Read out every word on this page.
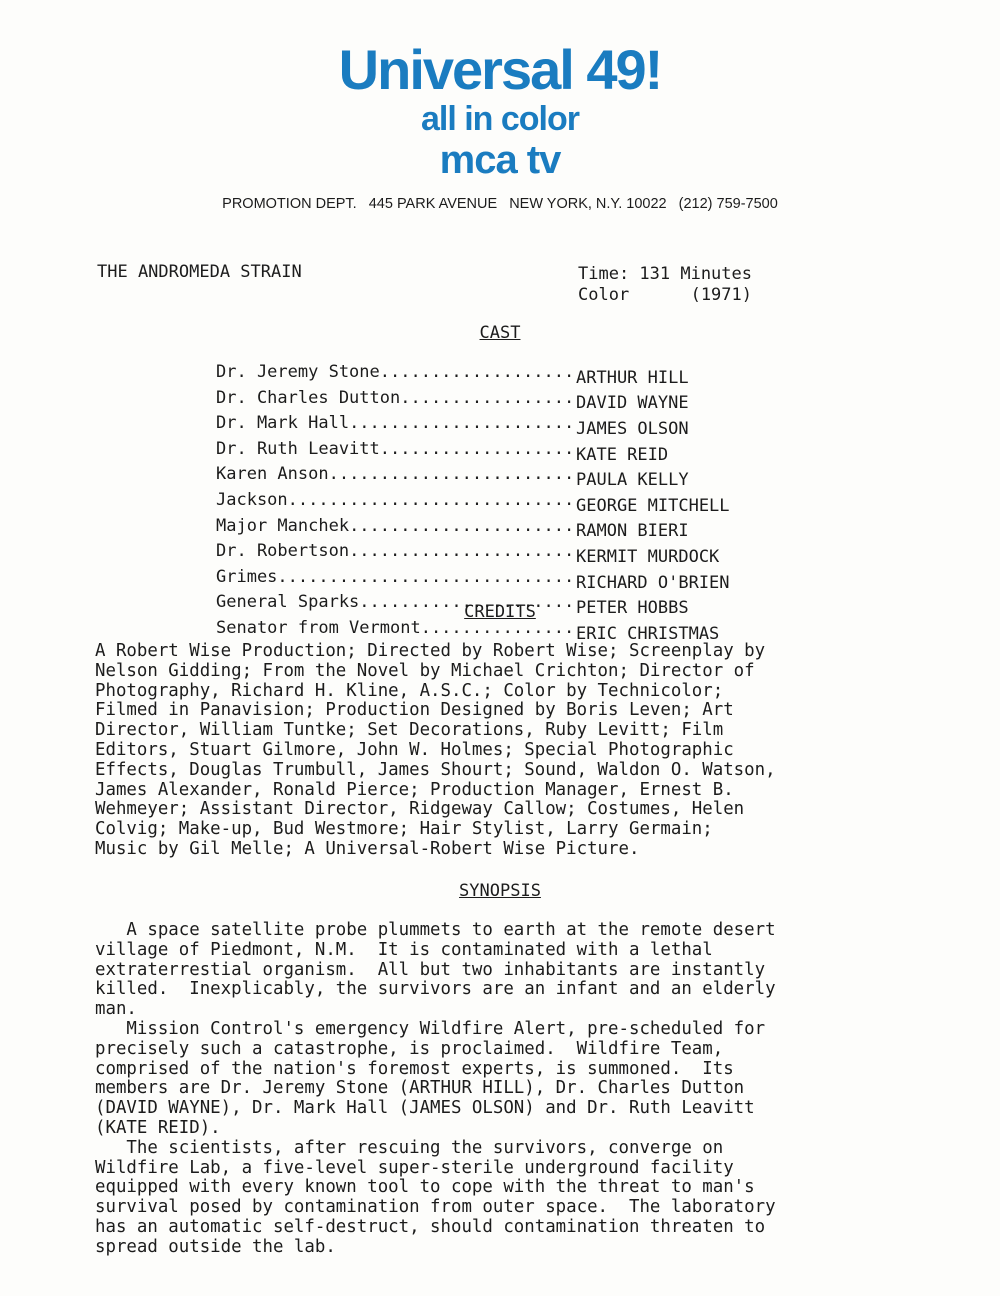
Universal 49!
all in color
mca tv
PROMOTION DEPT. 445 PARK AVENUE NEW YORK, N.Y. 10022 (212) 759-7500
THE ANDROMEDA STRAIN	Time: 131 Minutes
Color      (1971)
CAST
Dr. Jeremy Stone .....	ARTHUR HILL
Dr. Charles Dutton .....	DAVID WAYNE
Dr. Mark Hall .....	JAMES OLSON
Dr. Ruth Leavitt .....	KATE REID
Karen Anson .....	PAULA KELLY
Jackson .....	GEORGE MITCHELL
Major Manchek .....	RAMON BIERI
Dr. Robertson .....	KERMIT MURDOCK
Grimes .....	RICHARD O'BRIEN
General Sparks .....	PETER HOBBS
Senator from Vermont .....	ERIC CHRISTMAS
CREDITS
A Robert Wise Production; Directed by Robert Wise; Screenplay by
Nelson Gidding; From the Novel by Michael Crichton; Director of
Photography, Richard H. Kline, A.S.C.; Color by Technicolor;
Filmed in Panavision; Production Designed by Boris Leven; Art
Director, William Tuntke; Set Decorations, Ruby Levitt; Film
Editors, Stuart Gilmore, John W. Holmes; Special Photographic
Effects, Douglas Trumbull, James Shourt; Sound, Waldon O. Watson,
James Alexander, Ronald Pierce; Production Manager, Ernest B.
Wehmeyer; Assistant Director, Ridgeway Callow; Costumes, Helen
Colvig; Make-up, Bud Westmore; Hair Stylist, Larry Germain;
Music by Gil Melle; A Universal-Robert Wise Picture.
SYNOPSIS
A space satellite probe plummets to earth at the remote desert
village of Piedmont, N.M.  It is contaminated with a lethal
extraterrestial organism.  All but two inhabitants are instantly
killed.  Inexplicably, the survivors are an infant and an elderly
man.
Mission Control's emergency Wildfire Alert, pre-scheduled for
precisely such a catastrophe, is proclaimed.  Wildfire Team,
comprised of the nation's foremost experts, is summoned.  Its
members are Dr. Jeremy Stone (ARTHUR HILL), Dr. Charles Dutton
(DAVID WAYNE), Dr. Mark Hall (JAMES OLSON) and Dr. Ruth Leavitt
(KATE REID).
The scientists, after rescuing the survivors, converge on
Wildfire Lab, a five-level super-sterile underground facility
equipped with every known tool to cope with the threat to man's
survival posed by contamination from outer space.  The laboratory
has an automatic self-destruct, should contamination threaten to
spread outside the lab.
